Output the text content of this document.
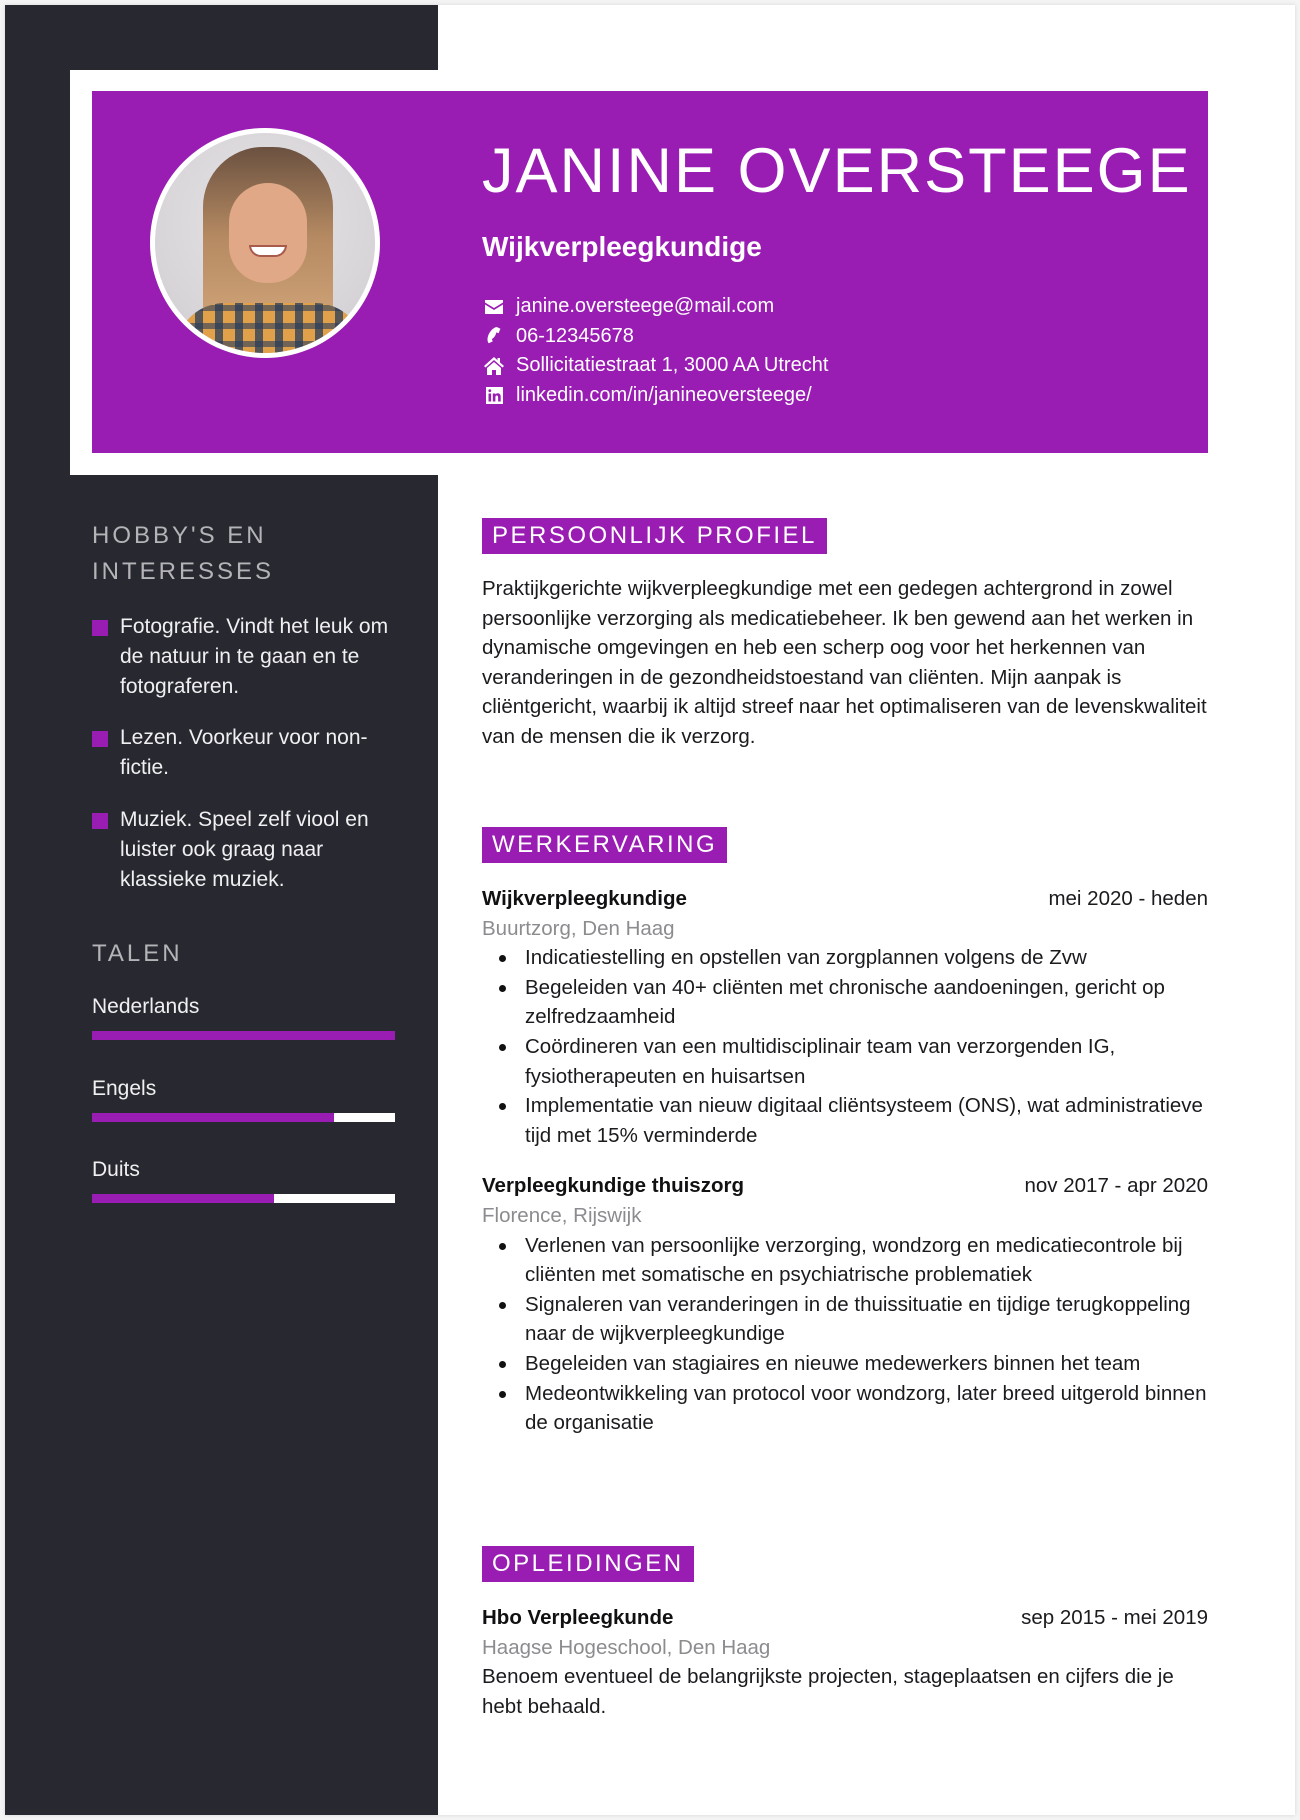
JANINE OVERSTEEGE
Wijkverpleegkundige
janine.oversteege@mail.com
06-12345678
Sollicitatiestraat 1, 3000 AA Utrecht
linkedin.com/in/janineoversteege/
HOBBY'S EN
INTERESSES
Fotografie. Vindt het leuk om de natuur in te gaan en te fotograferen.
Lezen. Voorkeur voor non-fictie.
Muziek. Speel zelf viool en luister ook graag naar klassieke muziek.
TALEN
Nederlands
Engels
Duits
PERSOONLIJK PROFIEL
Praktijkgerichte wijkverpleegkundige met een gedegen achtergrond in zowel persoonlijke verzorging als medicatiebeheer. Ik ben gewend aan het werken in dynamische omgevingen en heb een scherp oog voor het herkennen van veranderingen in de gezondheidstoestand van cliënten. Mijn aanpak is cliëntgericht, waarbij ik altijd streef naar het optimaliseren van de levenskwaliteit van de mensen die ik verzorg.
WERKERVARING
Wijkverpleegkundige	mei 2020 - heden
Buurtzorg, Den Haag
Indicatiestelling en opstellen van zorgplannen volgens de Zvw
Begeleiden van 40+ cliënten met chronische aandoeningen, gericht op zelfredzaamheid
Coördineren van een multidisciplinair team van verzorgenden IG, fysiotherapeuten en huisartsen
Implementatie van nieuw digitaal cliëntsysteem (ONS), wat administratieve tijd met 15% verminderde
Verpleegkundige thuiszorg	nov 2017 - apr 2020
Florence, Rijswijk
Verlenen van persoonlijke verzorging, wondzorg en medicatiecontrole bij cliënten met somatische en psychiatrische problematiek
Signaleren van veranderingen in de thuissituatie en tijdige terugkoppeling naar de wijkverpleegkundige
Begeleiden van stagiaires en nieuwe medewerkers binnen het team
Medeontwikkeling van protocol voor wondzorg, later breed uitgerold binnen de organisatie
OPLEIDINGEN
Hbo Verpleegkunde	sep 2015 - mei 2019
Haagse Hogeschool, Den Haag
Benoem eventueel de belangrijkste projecten, stageplaatsen en cijfers die je hebt behaald.
